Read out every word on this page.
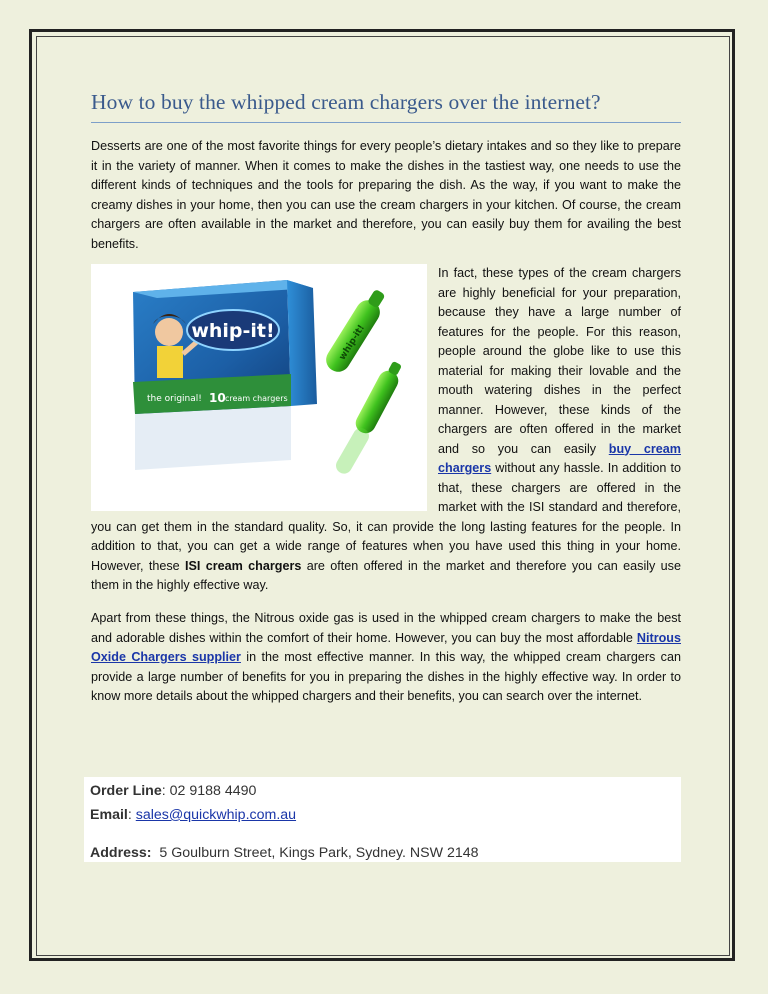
How to buy the whipped cream chargers over the internet?

Desserts are one of the most favorite things for every people’s dietary intakes and so they like to prepare it in the variety of manner. When it comes to make the dishes in the tastiest way, one needs to use the different kinds of techniques and the tools for preparing the dish. As the way, if you want to make the creamy dishes in your home, then you can use the cream chargers in your kitchen. Of course, the cream chargers are often available in the market and therefore, you can easily buy them for availing the best benefits.

whip-it!
the original! 10 cream chargers
whip-it!

In fact, these types of the cream chargers are highly beneficial for your preparation, because they have a large number of features for the people. For this reason, people around the globe like to use this material for making their lovable and the mouth watering dishes in the perfect manner. However, these kinds of the chargers are often offered in the market and so you can easily buy cream chargers without any hassle. In addition to that, these chargers are offered in the market with the ISI standard and therefore, you can get them in the standard quality. So, it can provide the long lasting features for the people. In addition to that, you can get a wide range of features when you have used this thing in your home. However, these ISI cream chargers are often offered in the market and therefore you can easily use them in the highly effective way.

Apart from these things, the Nitrous oxide gas is used in the whipped cream chargers to make the best and adorable dishes within the comfort of their home. However, you can buy the most affordable Nitrous Oxide Chargers supplier in the most effective manner. In this way, the whipped cream chargers can provide a large number of benefits for you in preparing the dishes in the highly effective way. In order to know more details about the whipped chargers and their benefits, you can search over the internet.

Order Line: 02 9188 4490
Email: sales@quickwhip.com.au
Address: 5 Goulburn Street, Kings Park, Sydney. NSW 2148
